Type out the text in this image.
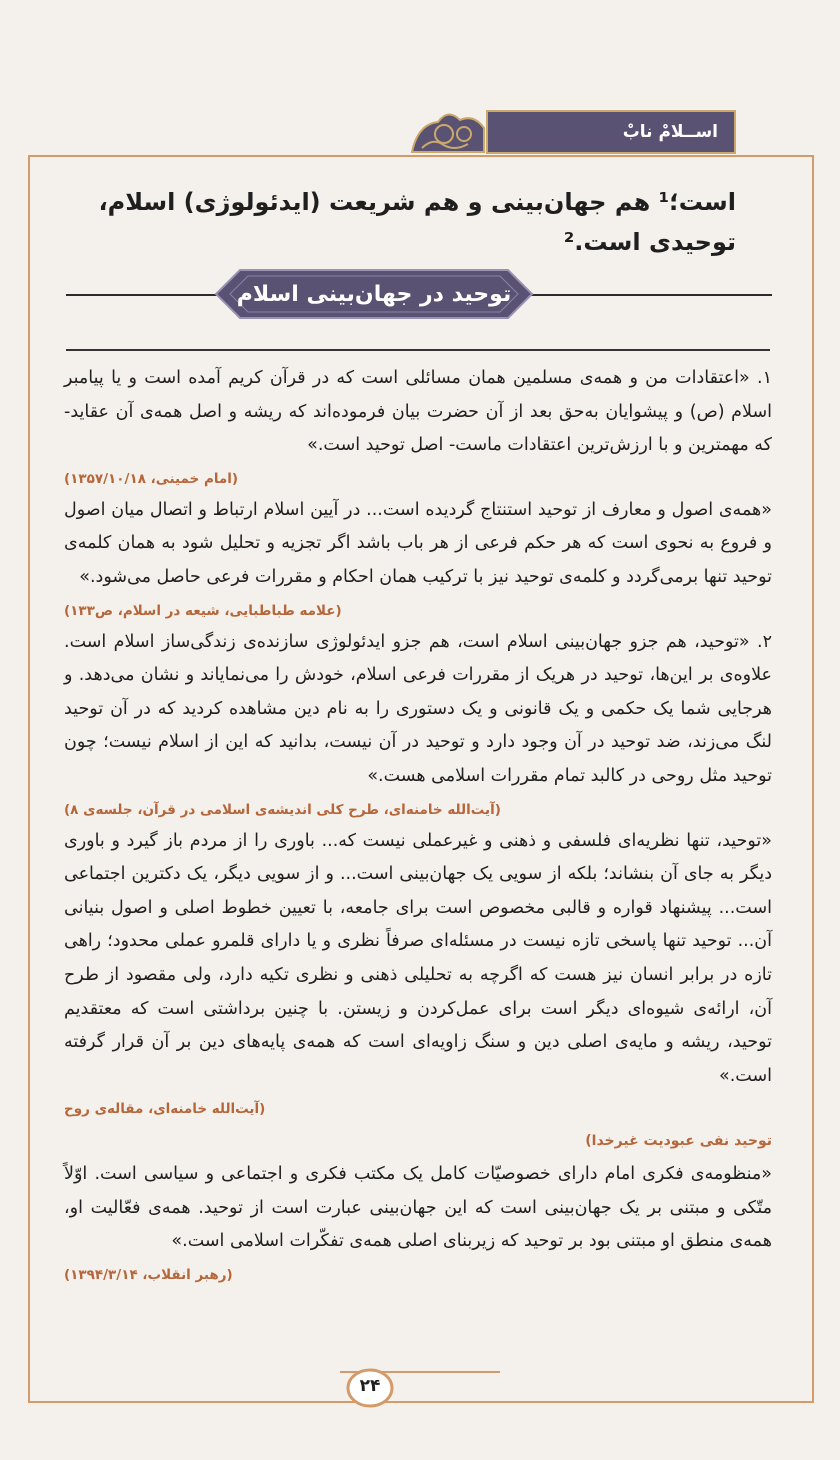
اســلامْ نابْ
است؛¹ هم جهان‌بینی و هم شریعت (ایدئولوژی) اسلام، توحیدی است.²
توحید در جهان‌بینی اسلام

۱. «اعتقادات من و همه‌ی مسلمین همان مسائلی است که در قرآن کریم آمده است و یا پیامبر اسلام (ص) و پیشوایان به‌حق بعد از آن حضرت بیان فرموده‌اند که ریشه و اصل همه‌ی آن عقاید- که مهمترین و با ارزش‌ترین اعتقادات ماست- اصل توحید است.»

(امام خمینی، ۱۳۵۷/۱۰/۱۸)

«همه‌ی اصول و معارف از توحید استنتاج گردیده است... در آیین اسلام ارتباط و اتصال میان اصول و فروع به نحوی است که هر حکم فرعی از هر باب باشد اگر تجزیه و تحلیل شود به همان کلمه‌ی توحید تنها برمی‌گردد و کلمه‌ی توحید نیز با ترکیب همان احکام و مقررات فرعی حاصل می‌شود.»

(علامه طباطبایی، شیعه در اسلام، ص۱۳۳)

۲. «توحید، هم جزو جهان‌بینی اسلام است، هم جزو ایدئولوژی سازنده‌ی زندگی‌ساز اسلام است. علاوه‌ی بر این‌ها، توحید در هریک از مقررات فرعی اسلام، خودش را می‌نمایاند و نشان می‌دهد. و هرجایی شما یک حکمی و یک قانونی و یک دستوری را به نام دین مشاهده کردید که در آن توحید لنگ می‌زند، ضد توحید در آن وجود دارد و توحید در آن نیست، بدانید که این از اسلام نیست؛ چون توحید مثل روحی در کالبد تمام مقررات اسلامی هست.»

(آیت‌الله خامنه‌ای، طرح کلی اندیشه‌ی اسلامی در قرآن، جلسه‌ی ۸)

«توحید، تنها نظریه‌ای فلسفی و ذهنی و غیرعملی نیست که... باوری را از مردم باز گیرد و باوری دیگر به جای آن بنشاند؛ بلکه از سویی یک جهان‌بینی است... و از سویی دیگر، یک دکترین اجتماعی است... پیشنهاد قواره و قالبی مخصوص است برای جامعه، با تعیین خطوط اصلی و اصول بنیانی آن... توحید تنها پاسخی تازه نیست در مسئله‌ای صرفاً نظری و یا دارای قلمرو عملی محدود؛ راهی تازه در برابر انسان نیز هست که اگرچه به تحلیلی ذهنی و نظری تکیه دارد، ولی مقصود از طرح آن، ارائه‌ی شیوه‌ای دیگر است برای عمل‌کردن و زیستن. با چنین برداشتی است که معتقدیم توحید، ریشه و مایه‌ی اصلی دین و سنگ زاویه‌ای است که همه‌ی پایه‌های دین بر آن قرار گرفته است.»

(آیت‌الله خامنه‌ای، مقاله‌ی روح

توحید نفی عبودیت غیرخدا)

«منظومه‌ی فکری امام دارای خصوصیّات کامل یک مکتب فکری و اجتماعی و سیاسی است. اوّلاً متّکی و مبتنی بر یک جهان‌بینی است که این جهان‌بینی عبارت است از توحید. همه‌ی فعّالیت او، همه‌ی منطق او مبتنی بود بر توحید که زیربنای اصلی همه‌ی تفکّرات اسلامی است.»

(رهبر انقلاب، ۱۳۹۴/۳/۱۴)

۲۴
